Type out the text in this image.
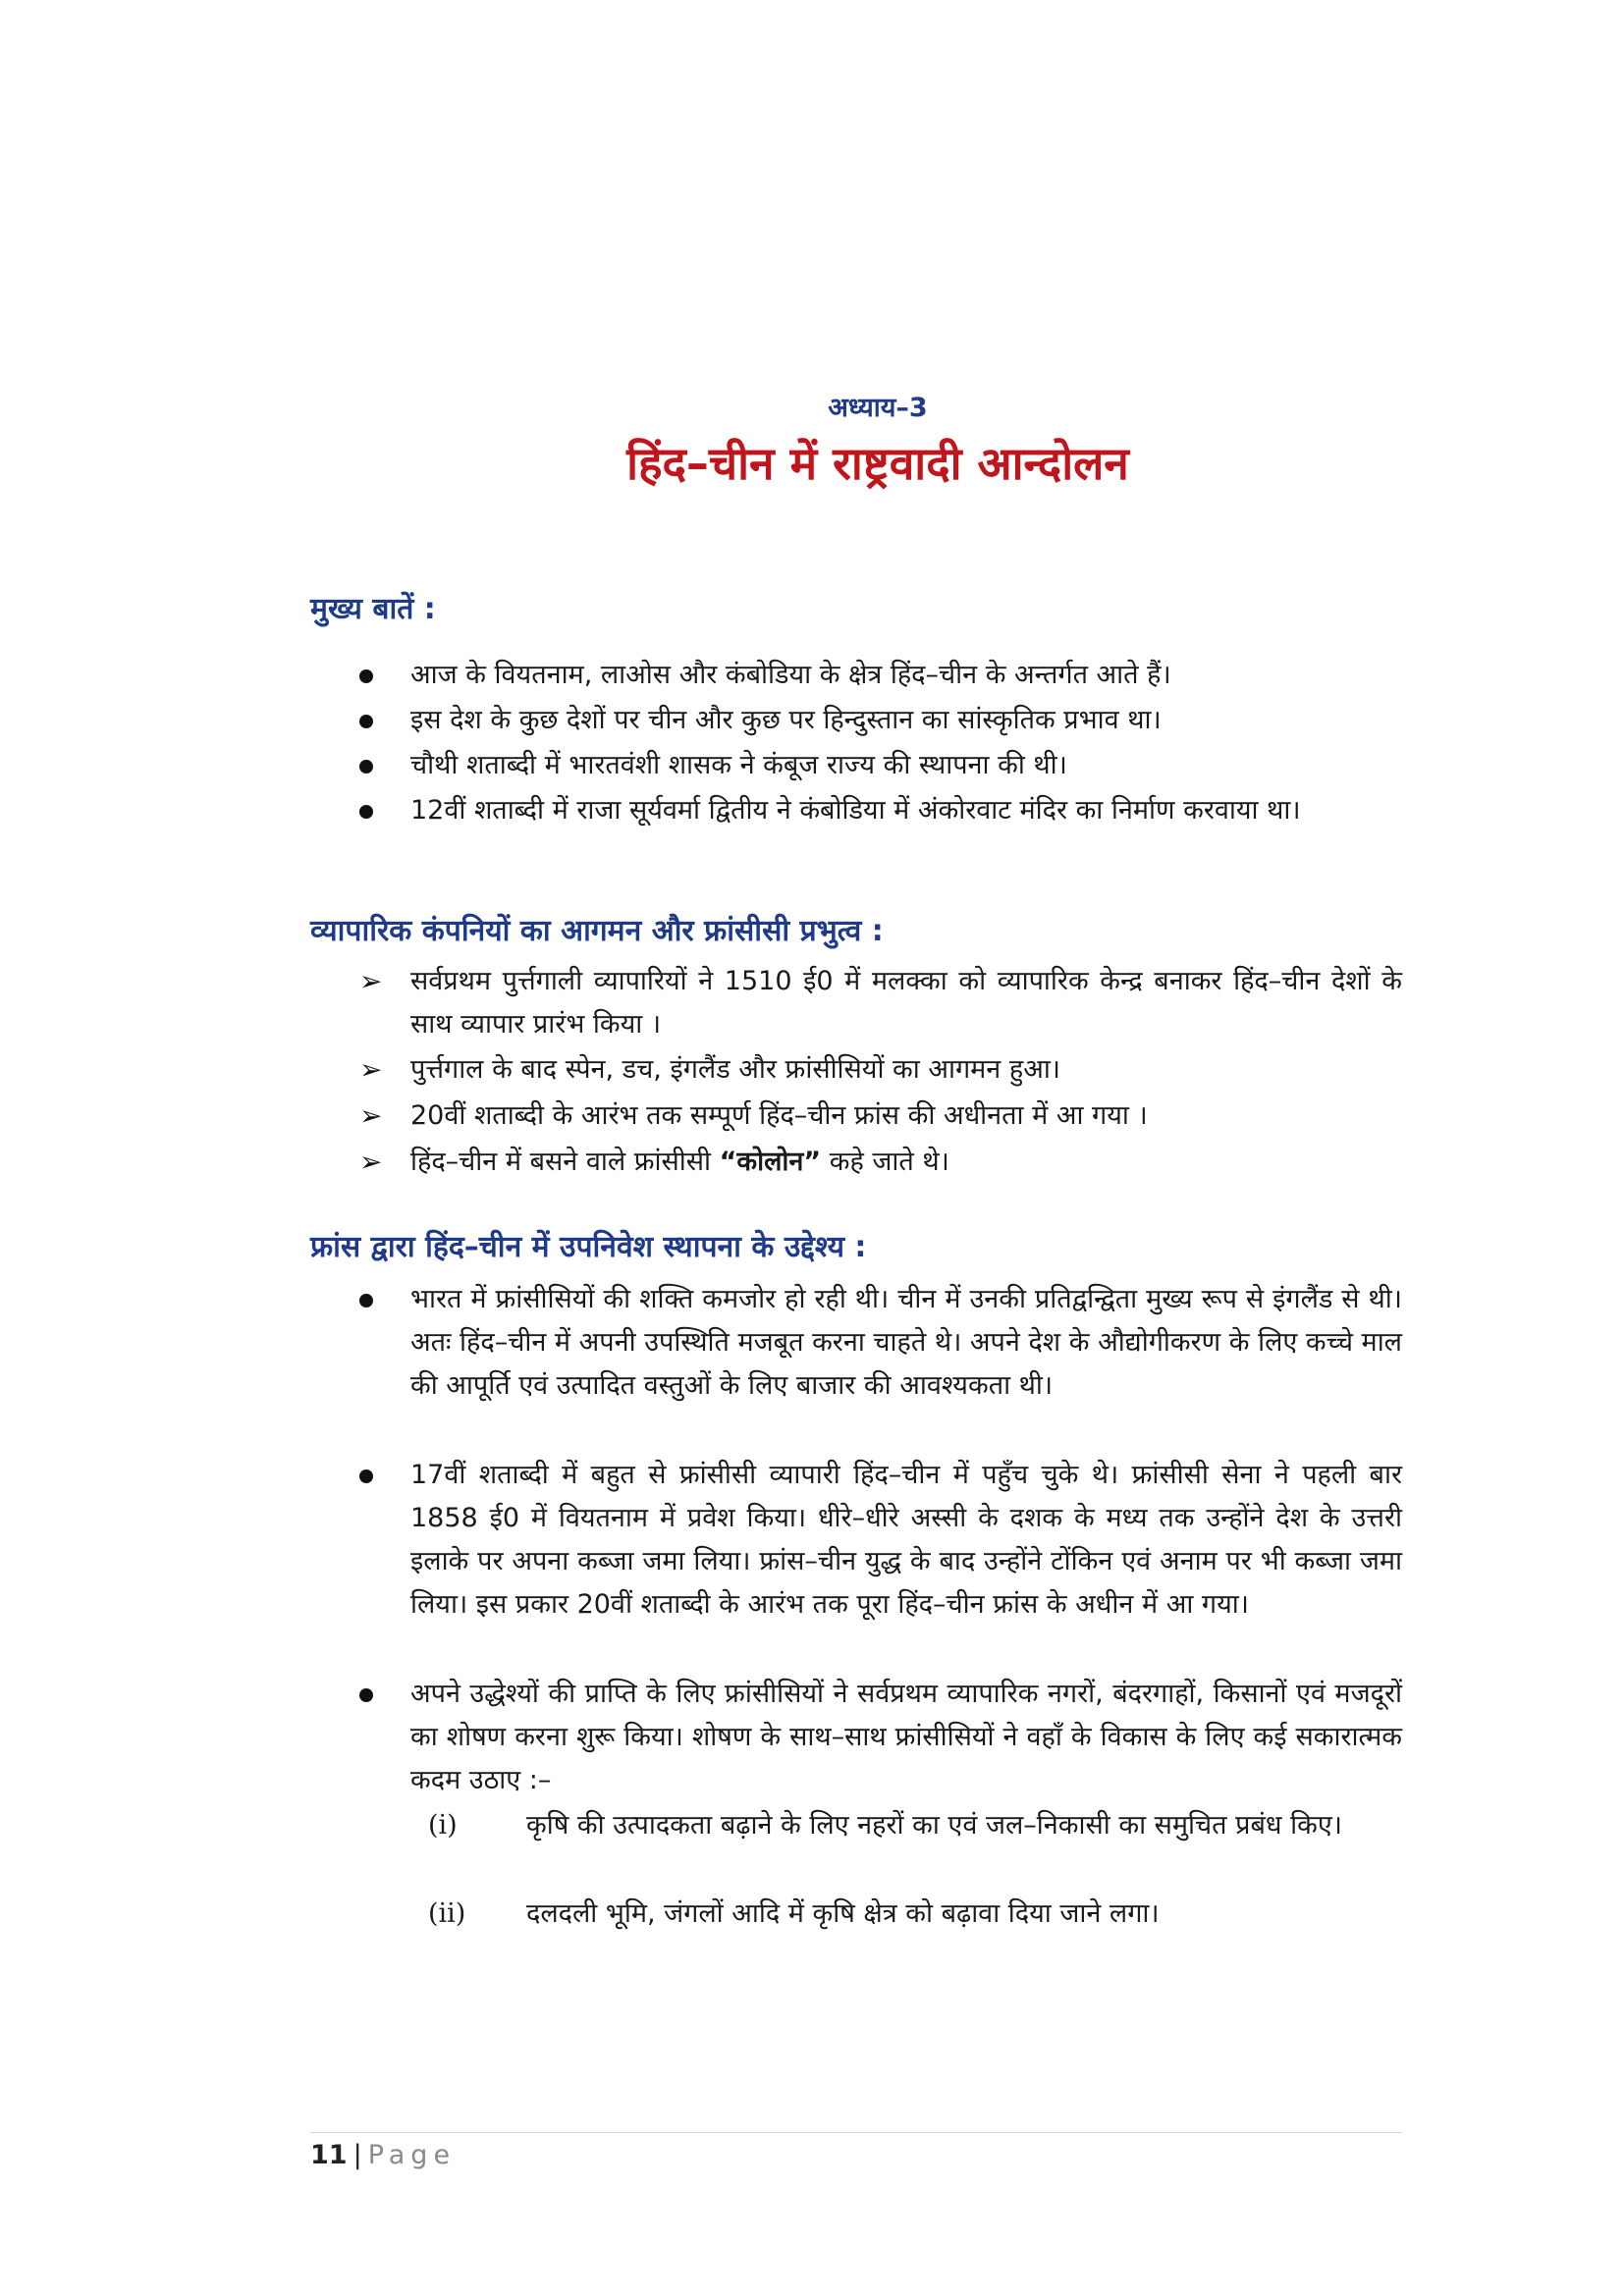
अध्याय–3
हिंद–चीन में राष्ट्रवादी आन्दोलन
मुख्य बातें :
आज के वियतनाम, लाओस और कंबोडिया के क्षेत्र हिंद–चीन के अन्तर्गत आते हैं।
इस देश के कुछ देशों पर चीन और कुछ पर हिन्दुस्तान का सांस्कृतिक प्रभाव था।
चौथी शताब्दी में भारतवंशी शासक ने कंबूज राज्य की स्थापना की थी।
12वीं शताब्दी में राजा सूर्यवर्मा द्वितीय ने कंबोडिया में अंकोरवाट मंदिर का निर्माण करवाया था।
व्यापारिक कंपनियों का आगमन और फ्रांसीसी प्रभुत्व :
➢ सर्वप्रथम पुर्त्तगाली व्यापारियों ने 1510 ई0 में मलक्का को व्यापारिक केन्द्र बनाकर हिंद–चीन देशों के साथ व्यापार प्रारंभ किया ।
➢ पुर्त्तगाल के बाद स्पेन, डच, इंगलैंड और फ्रांसीसियों का आगमन हुआ।
➢ 20वीं शताब्दी के आरंभ तक सम्पूर्ण हिंद–चीन फ्रांस की अधीनता में आ गया ।
➢ हिंद–चीन में बसने वाले फ्रांसीसी “कोलोन” कहे जाते थे।
फ्रांस द्वारा हिंद–चीन में उपनिवेश स्थापना के उद्देश्य :
भारत में फ्रांसीसियों की शक्ति कमजोर हो रही थी। चीन में उनकी प्रतिद्वन्द्विता मुख्य रूप से इंगलैंड से थी। अतः हिंद–चीन में अपनी उपस्थिति मजबूत करना चाहते थे। अपने देश के औद्योगीकरण के लिए कच्चे माल की आपूर्ति एवं उत्पादित वस्तुओं के लिए बाजार की आवश्यकता थी।
17वीं शताब्दी में बहुत से फ्रांसीसी व्यापारी हिंद–चीन में पहुँच चुके थे। फ्रांसीसी सेना ने पहली बार 1858 ई0 में वियतनाम में प्रवेश किया। धीरे–धीरे अस्सी के दशक के मध्य तक उन्होंने देश के उत्तरी इलाके पर अपना कब्जा जमा लिया। फ्रांस–चीन युद्ध के बाद उन्होंने टोंकिन एवं अनाम पर भी कब्जा जमा लिया। इस प्रकार 20वीं शताब्दी के आरंभ तक पूरा हिंद–चीन फ्रांस के अधीन में आ गया।
अपने उद्धेश्यों की प्राप्ति के लिए फ्रांसीसियों ने सर्वप्रथम व्यापारिक नगरों, बंदरगाहों, किसानों एवं मजदूरों का शोषण करना शुरू किया। शोषण के साथ–साथ फ्रांसीसियों ने वहाँ के विकास के लिए कई सकारात्मक कदम उठाए :–
(i)	कृषि की उत्पादकता बढ़ाने के लिए नहरों का एवं जल–निकासी का समुचित प्रबंध किए।
(ii) दलदली भूमि, जंगलों आदि में कृषि क्षेत्र को बढ़ावा दिया जाने लगा।
11 | Page
